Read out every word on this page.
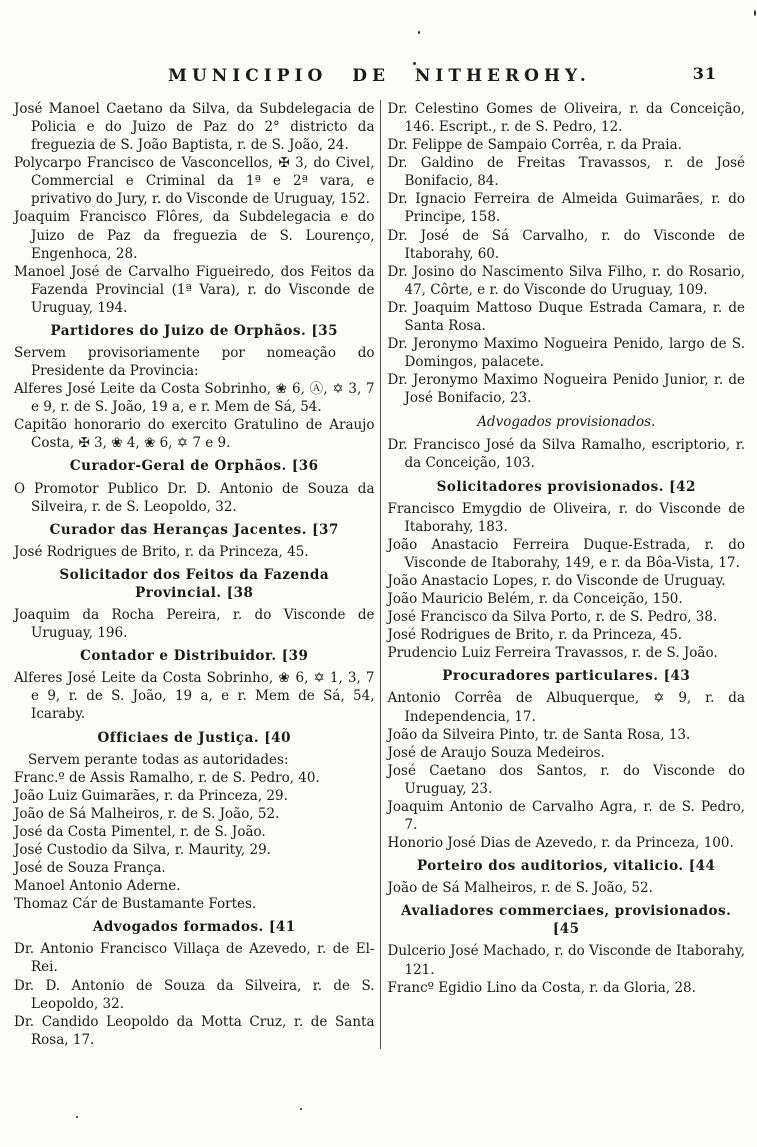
MUNICIPIO DE NITHEROHY.	31

José Manoel Caetano da Silva, da Subdelegacia de Policia e do Juizo de Paz do 2° districto da freguezia de S. João Baptista, r. de S. João, 24.

Polycarpo Francisco de Vasconcellos, ✠ 3, do Civel, Commercial e Criminal da 1ª e 2ª vara, e privativo do Jury, r. do Visconde de Uruguay, 152.

Joaquim Francisco Flôres, da Subdelegacia e do Juizo de Paz da freguezia de S. Lourenço, Engenhoca, 28.

Manoel José de Carvalho Figueiredo, dos Feitos da Fazenda Provincial (1ª Vara), r. do Visconde de Uruguay, 194.

Partidores do Juizo de Orphãos. [35

Servem provisoriamente por nomeação do Presidente da Provincia:

Alferes José Leite da Costa Sobrinho, ❀ 6, Ⓐ, ✡ 3, 7 e 9, r. de S. João, 19 a, e r. Mem de Sá, 54.

Capitão honorario do exercito Gratulino de Araujo Costa, ✠ 3, ❀ 4, ❀ 6, ✡ 7 e 9.

Curador-Geral de Orphãos. [36

O Promotor Publico Dr. D. Antonio de Souza da Silveira, r. de S. Leopoldo, 32.

Curador das Heranças Jacentes. [37

José Rodrigues de Brito, r. da Princeza, 45.

Solicitador dos Feitos da Fazenda Provincial. [38

Joaquim da Rocha Pereira, r. do Visconde de Uruguay, 196.

Contador e Distribuidor. [39

Alferes José Leite da Costa Sobrinho, ❀ 6, ✡ 1, 3, 7 e 9, r. de S. João, 19 a, e r. Mem de Sá, 54, Icaraby.

Officiaes de Justiça. [40

Servem perante todas as autoridades:

Franc.º de Assis Ramalho, r. de S. Pedro, 40.

João Luiz Guimarães, r. da Princeza, 29.

João de Sá Malheiros, r. de S. João, 52.

José da Costa Pimentel, r. de S. João.

José Custodio da Silva, r. Maurity, 29.

José de Souza França.

Manoel Antonio Aderne.

Thomaz Cár de Bustamante Fortes.

Advogados formados. [41

Dr. Antonio Francisco Villaça de Azevedo, r. de El-Rei.

Dr. D. Antonio de Souza da Silveira, r. de S. Leopoldo, 32.

Dr. Candido Leopoldo da Motta Cruz, r. de Santa Rosa, 17.

Dr. Celestino Gomes de Oliveira, r. da Conceição, 146. Escript., r. de S. Pedro, 12.

Dr. Felippe de Sampaio Corrêa, r. da Praia.

Dr. Galdino de Freitas Travassos, r. de José Bonifacio, 84.

Dr. Ignacio Ferreira de Almeida Guimarães, r. do Principe, 158.

Dr. José de Sá Carvalho, r. do Visconde de Itaborahy, 60.

Dr. Josino do Nascimento Silva Filho, r. do Rosario, 47, Côrte, e r. do Visconde do Uruguay, 109.

Dr. Joaquim Mattoso Duque Estrada Camara, r. de Santa Rosa.

Dr. Jeronymo Maximo Nogueira Penido, largo de S. Domingos, palacete.

Dr. Jeronymo Maximo Nogueira Penido Junior, r. de José Bonifacio, 23.

Advogados provisionados.

Dr. Francisco José da Silva Ramalho, escriptorio, r. da Conceição, 103.

Solicitadores provisionados. [42

Francisco Emygdio de Oliveira, r. do Visconde de Itaborahy, 183.

João Anastacio Ferreira Duque-Estrada, r. do Visconde de Itaborahy, 149, e r. da Bôa-Vista, 17.

João Anastacio Lopes, r. do Visconde de Uruguay.

João Mauricio Belém, r. da Conceição, 150.

José Francisco da Silva Porto, r. de S. Pedro, 38.

José Rodrigues de Brito, r. da Princeza, 45.

Prudencio Luiz Ferreira Travassos, r. de S. João.

Procuradores particulares. [43

Antonio Corrêa de Albuquerque, ✡ 9, r. da Independencia, 17.

João da Silveira Pinto, tr. de Santa Rosa, 13.

José de Araujo Souza Medeiros.

José Caetano dos Santos, r. do Visconde do Uruguay, 23.

Joaquim Antonio de Carvalho Agra, r. de S. Pedro, 7.

Honorio José Dias de Azevedo, r. da Princeza, 100.

Porteiro dos auditorios, vitalicio. [44

João de Sá Malheiros, r. de S. João, 52.

Avaliadores commerciaes, provisionados. [45

Dulcerio José Machado, r. do Visconde de Itaborahy, 121.

Francº Egidio Lino da Costa, r. da Gloria, 28.
